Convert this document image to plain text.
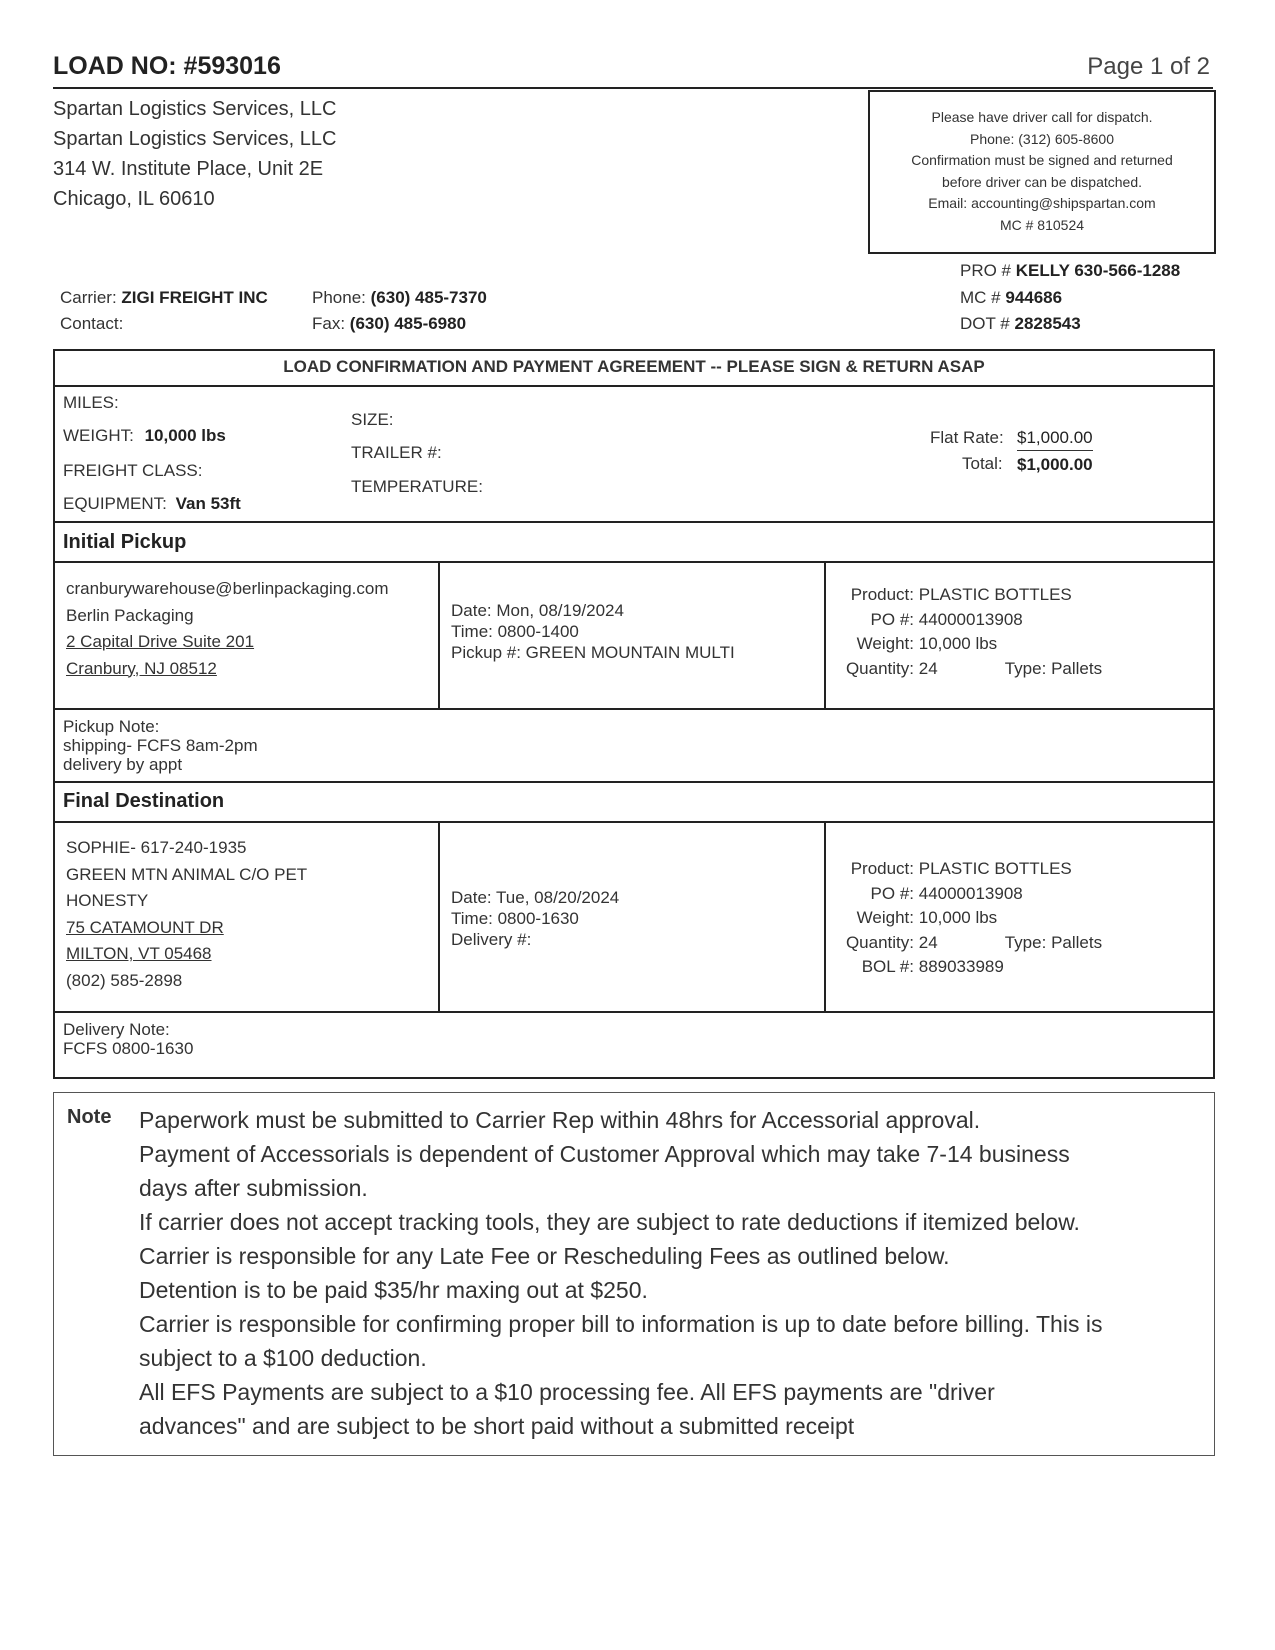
LOAD NO: #593016	Page 1 of 2
Spartan Logistics Services, LLC
Spartan Logistics Services, LLC
314 W. Institute Place, Unit 2E
Chicago, IL 60610
Please have driver call for dispatch.
Phone: (312) 605-8600
Confirmation must be signed and returned
before driver can be dispatched.
Email: accounting@shipspartan.com
MC # 810524
Carrier: ZIGI FREIGHT INC
Contact:
Phone: (630) 485-7370
Fax: (630) 485-6980
PRO # KELLY 630-566-1288
MC # 944686
DOT # 2828543
LOAD CONFIRMATION AND PAYMENT AGREEMENT -- PLEASE SIGN & RETURN ASAP
MILES:
WEIGHT: 10,000 lbs
FREIGHT CLASS:
EQUIPMENT: Van 53ft
SIZE:
TRAILER #:
TEMPERATURE:
Flat Rate: $1,000.00
Total: $1,000.00
Initial Pickup
cranburywarehouse@berlinpackaging.com
Berlin Packaging
2 Capital Drive Suite 201
Cranbury, NJ 08512
Date: Mon, 08/19/2024
Time: 0800-1400
Pickup #: GREEN MOUNTAIN MULTI
Product: PLASTIC BOTTLES
PO #: 44000013908
Weight: 10,000 lbs
Quantity: 24	Type: Pallets
Pickup Note:
shipping- FCFS 8am-2pm
delivery by appt
Final Destination
SOPHIE- 617-240-1935
GREEN MTN ANIMAL C/O PET
HONESTY
75 CATAMOUNT DR
MILTON, VT 05468
(802) 585-2898
Date: Tue, 08/20/2024
Time: 0800-1630
Delivery #:
Product: PLASTIC BOTTLES
PO #: 44000013908
Weight: 10,000 lbs
Quantity: 24	Type: Pallets
BOL #: 889033989
Delivery Note:
FCFS 0800-1630
Note Paperwork must be submitted to Carrier Rep within 48hrs for Accessorial approval.
Payment of Accessorials is dependent of Customer Approval which may take 7-14 business
days after submission.
If carrier does not accept tracking tools, they are subject to rate deductions if itemized below.
Carrier is responsible for any Late Fee or Rescheduling Fees as outlined below.
Detention is to be paid $35/hr maxing out at $250.
Carrier is responsible for confirming proper bill to information is up to date before billing. This is
subject to a $100 deduction.
All EFS Payments are subject to a $10 processing fee. All EFS payments are "driver
advances" and are subject to be short paid without a submitted receipt
